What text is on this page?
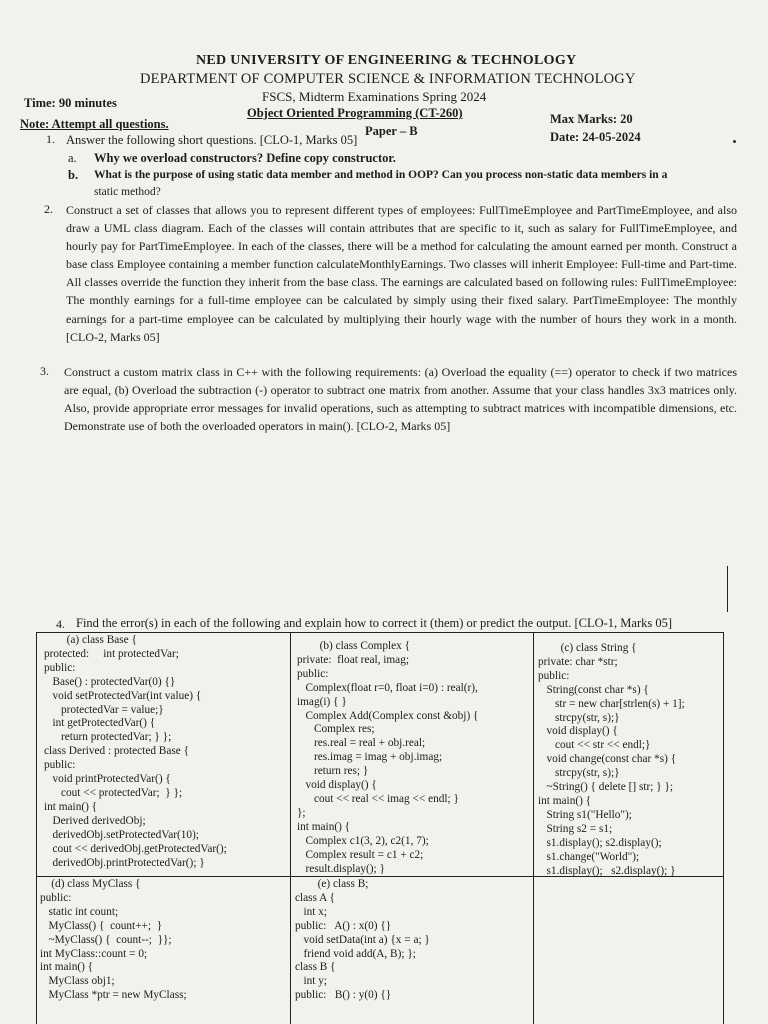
NED UNIVERSITY OF ENGINEERING & TECHNOLOGY
DEPARTMENT OF COMPUTER SCIENCE & INFORMATION TECHNOLOGY
FSCS, Midterm Examinations Spring 2024
Time: 90 minutes
Object Oriented Programming (CT-260)	Max Marks: 20
Note: Attempt all questions.	Paper – B	Date: 24-05-2024
1. Answer the following short questions. [CLO-1, Marks 05]
a. Why we overload constructors? Define copy constructor.
b. What is the purpose of using static data member and method in OOP? Can you process non-static data members in a
static method?
2. Construct a set of classes that allows you to represent different types of employees: FullTimeEmployee and PartTimeEmployee, and also draw a UML class diagram. Each of the classes will contain attributes that are specific to it, such as salary for FullTimeEmployee, and hourly pay for PartTimeEmployee. In each of the classes, there will be a method for calculating the amount earned per month. Construct a base class Employee containing a member function calculateMonthlyEarnings. Two classes will inherit Employee: Full-time and Part-time. All classes override the function they inherit from the base class. The earnings are calculated based on following rules: FullTimeEmployee: The monthly earnings for a full-time employee can be calculated by simply using their fixed salary. PartTimeEmployee: The monthly earnings for a part-time employee can be calculated by multiplying their hourly wage with the number of hours they work in a month. [CLO-2, Marks 05]

3. Construct a custom matrix class in C++ with the following requirements: (a) Overload the equality (==) operator to check if two matrices are equal, (b) Overload the subtraction (-) operator to subtract one matrix from another. Assume that your class handles 3x3 matrices only. Also, provide appropriate error messages for invalid operations, such as attempting to subtract matrices with incompatible dimensions, etc. Demonstrate use of both the overloaded operators in main(). [CLO-2, Marks 05]

4. Find the error(s) in each of the following and explain how to correct it (them) or predict the output. [CLO-1, Marks 05]
(a) class Base {
protected:     int protectedVar;
public:
Base() : protectedVar(0) {}
void setProtectedVar(int value) {
protectedVar = value;}
int getProtectedVar() {
return protectedVar; } };
class Derived : protected Base {
public:
void printProtectedVar() {
cout << protectedVar;  } };
int main() {
Derived derivedObj;
derivedObj.setProtectedVar(10);
cout << derivedObj.getProtectedVar();
derivedObj.printProtectedVar(); }
(b) class Complex {
private:  float real, imag;
public:
Complex(float r=0, float i=0) : real(r),
imag(i) { }
Complex Add(Complex const &obj) {
Complex res;
res.real = real + obj.real;
res.imag = imag + obj.imag;
return res; }
void display() {
cout << real << imag << endl; }
};
int main() {
Complex c1(3, 2), c2(1, 7);
Complex result = c1 + c2;
result.display(); }
(c) class String {
private: char *str;
public:
String(const char *s) {
str = new char[strlen(s) + 1];
strcpy(str, s);}
void display() {
cout << str << endl;}
void change(const char *s) {
strcpy(str, s);}
~String() { delete [] str; } };
int main() {
String s1("Hello");
String s2 = s1;
s1.display(); s2.display();
s1.change("World");
s1.display();   s2.display(); }
(d) class MyClass {
public:
static int count;
MyClass() {  count++;  }
~MyClass() {  count--;  }};
int MyClass::count = 0;
int main() {
MyClass obj1;
MyClass *ptr = new MyClass;
(e) class B;
class A {
int x;
public:   A() : x(0) {}
void setData(int a) {x = a; }
friend void add(A, B); };
class B {
int y;
public:   B() : y(0) {}
